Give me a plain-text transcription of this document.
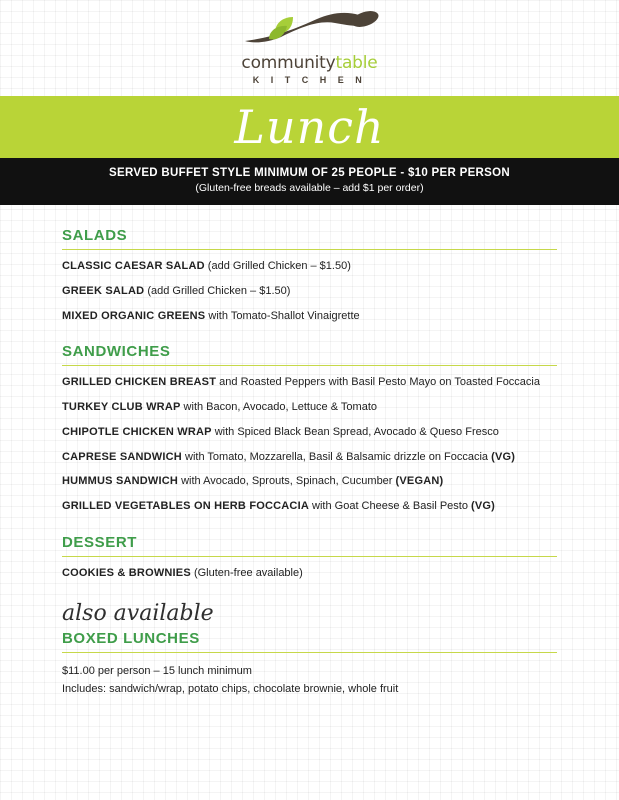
communitytable
K I T C H E N
Lunch
SERVED BUFFET STYLE MINIMUM OF 25 PEOPLE - $10 PER PERSON
(Gluten-free breads available – add $1 per order)
SALADS

CLASSIC CAESAR SALAD (add Grilled Chicken – $1.50)

GREEK SALAD (add Grilled Chicken – $1.50)

MIXED ORGANIC GREENS with Tomato-Shallot Vinaigrette

SANDWICHES

GRILLED CHICKEN BREAST and Roasted Peppers with Basil Pesto Mayo on Toasted Foccacia

TURKEY CLUB WRAP with Bacon, Avocado, Lettuce & Tomato

CHIPOTLE CHICKEN WRAP with Spiced Black Bean Spread, Avocado & Queso Fresco

CAPRESE SANDWICH with Tomato, Mozzarella, Basil & Balsamic drizzle on Foccacia (VG)

HUMMUS SANDWICH with Avocado, Sprouts, Spinach, Cucumber (VEGAN)

GRILLED VEGETABLES ON HERB FOCCACIA with Goat Cheese & Basil Pesto (VG)

DESSERT

COOKIES & BROWNIES (Gluten-free available)

also available
BOXED LUNCHES
$11.00 per person – 15 lunch minimum
Includes: sandwich/wrap, potato chips, chocolate brownie, whole fruit
